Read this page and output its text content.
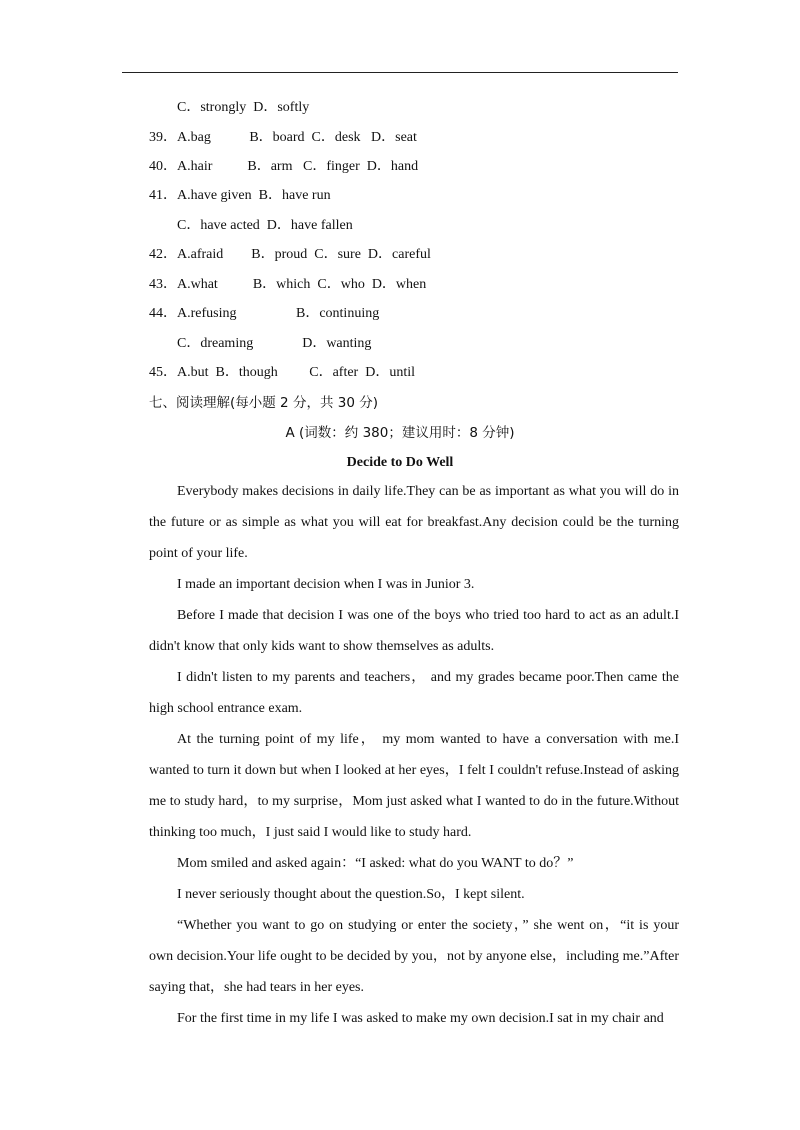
C．strongly  D．softly
39．A.bag           B．board  C．desk   D．seat
40．A.hair          B．arm   C．finger  D．hand
41．A.have given  B．have run
C．have acted  D．have fallen
42．A.afraid        B．proud  C．sure  D．careful
43．A.what          B．which  C．who  D．when
44．A.refusing                 B．continuing
C．dreaming              D．wanting
45．A.but  B．though         C．after  D．until
七、阅读理解(每小题 2 分，共 30 分)
A (词数：约 380；建议用时：8 分钟)
Decide to Do Well

Everybody makes decisions in daily life.They can be as important as what you will do in the future or as simple as what you will eat for breakfast.Any decision could be the turning point of your life.

I made an important decision when I was in Junior 3.

Before I made that decision I was one of the boys who tried too hard to act as an adult.I didn't know that only kids want to show themselves as adults.

I didn't listen to my parents and teachers， and my grades became poor.Then came the high school entrance exam.

At the turning point of my life， my mom wanted to have a conversation with me.I wanted to turn it down but when I looked at her eyes，I felt I couldn't refuse.Instead of asking me to study hard，to my surprise，Mom just asked what I wanted to do in the future.Without thinking too much，I just said I would like to study hard.

Mom smiled and asked again：“I asked: what do you WANT to do？”

I never seriously thought about the question.So，I kept silent.

“Whether you want to go on studying or enter the society，” she went on，“it is your own decision.Your life ought to be decided by you，not by anyone else，including me.”After saying that，she had tears in her eyes.

For the first time in my life I was asked to make my own decision.I sat in my chair and
